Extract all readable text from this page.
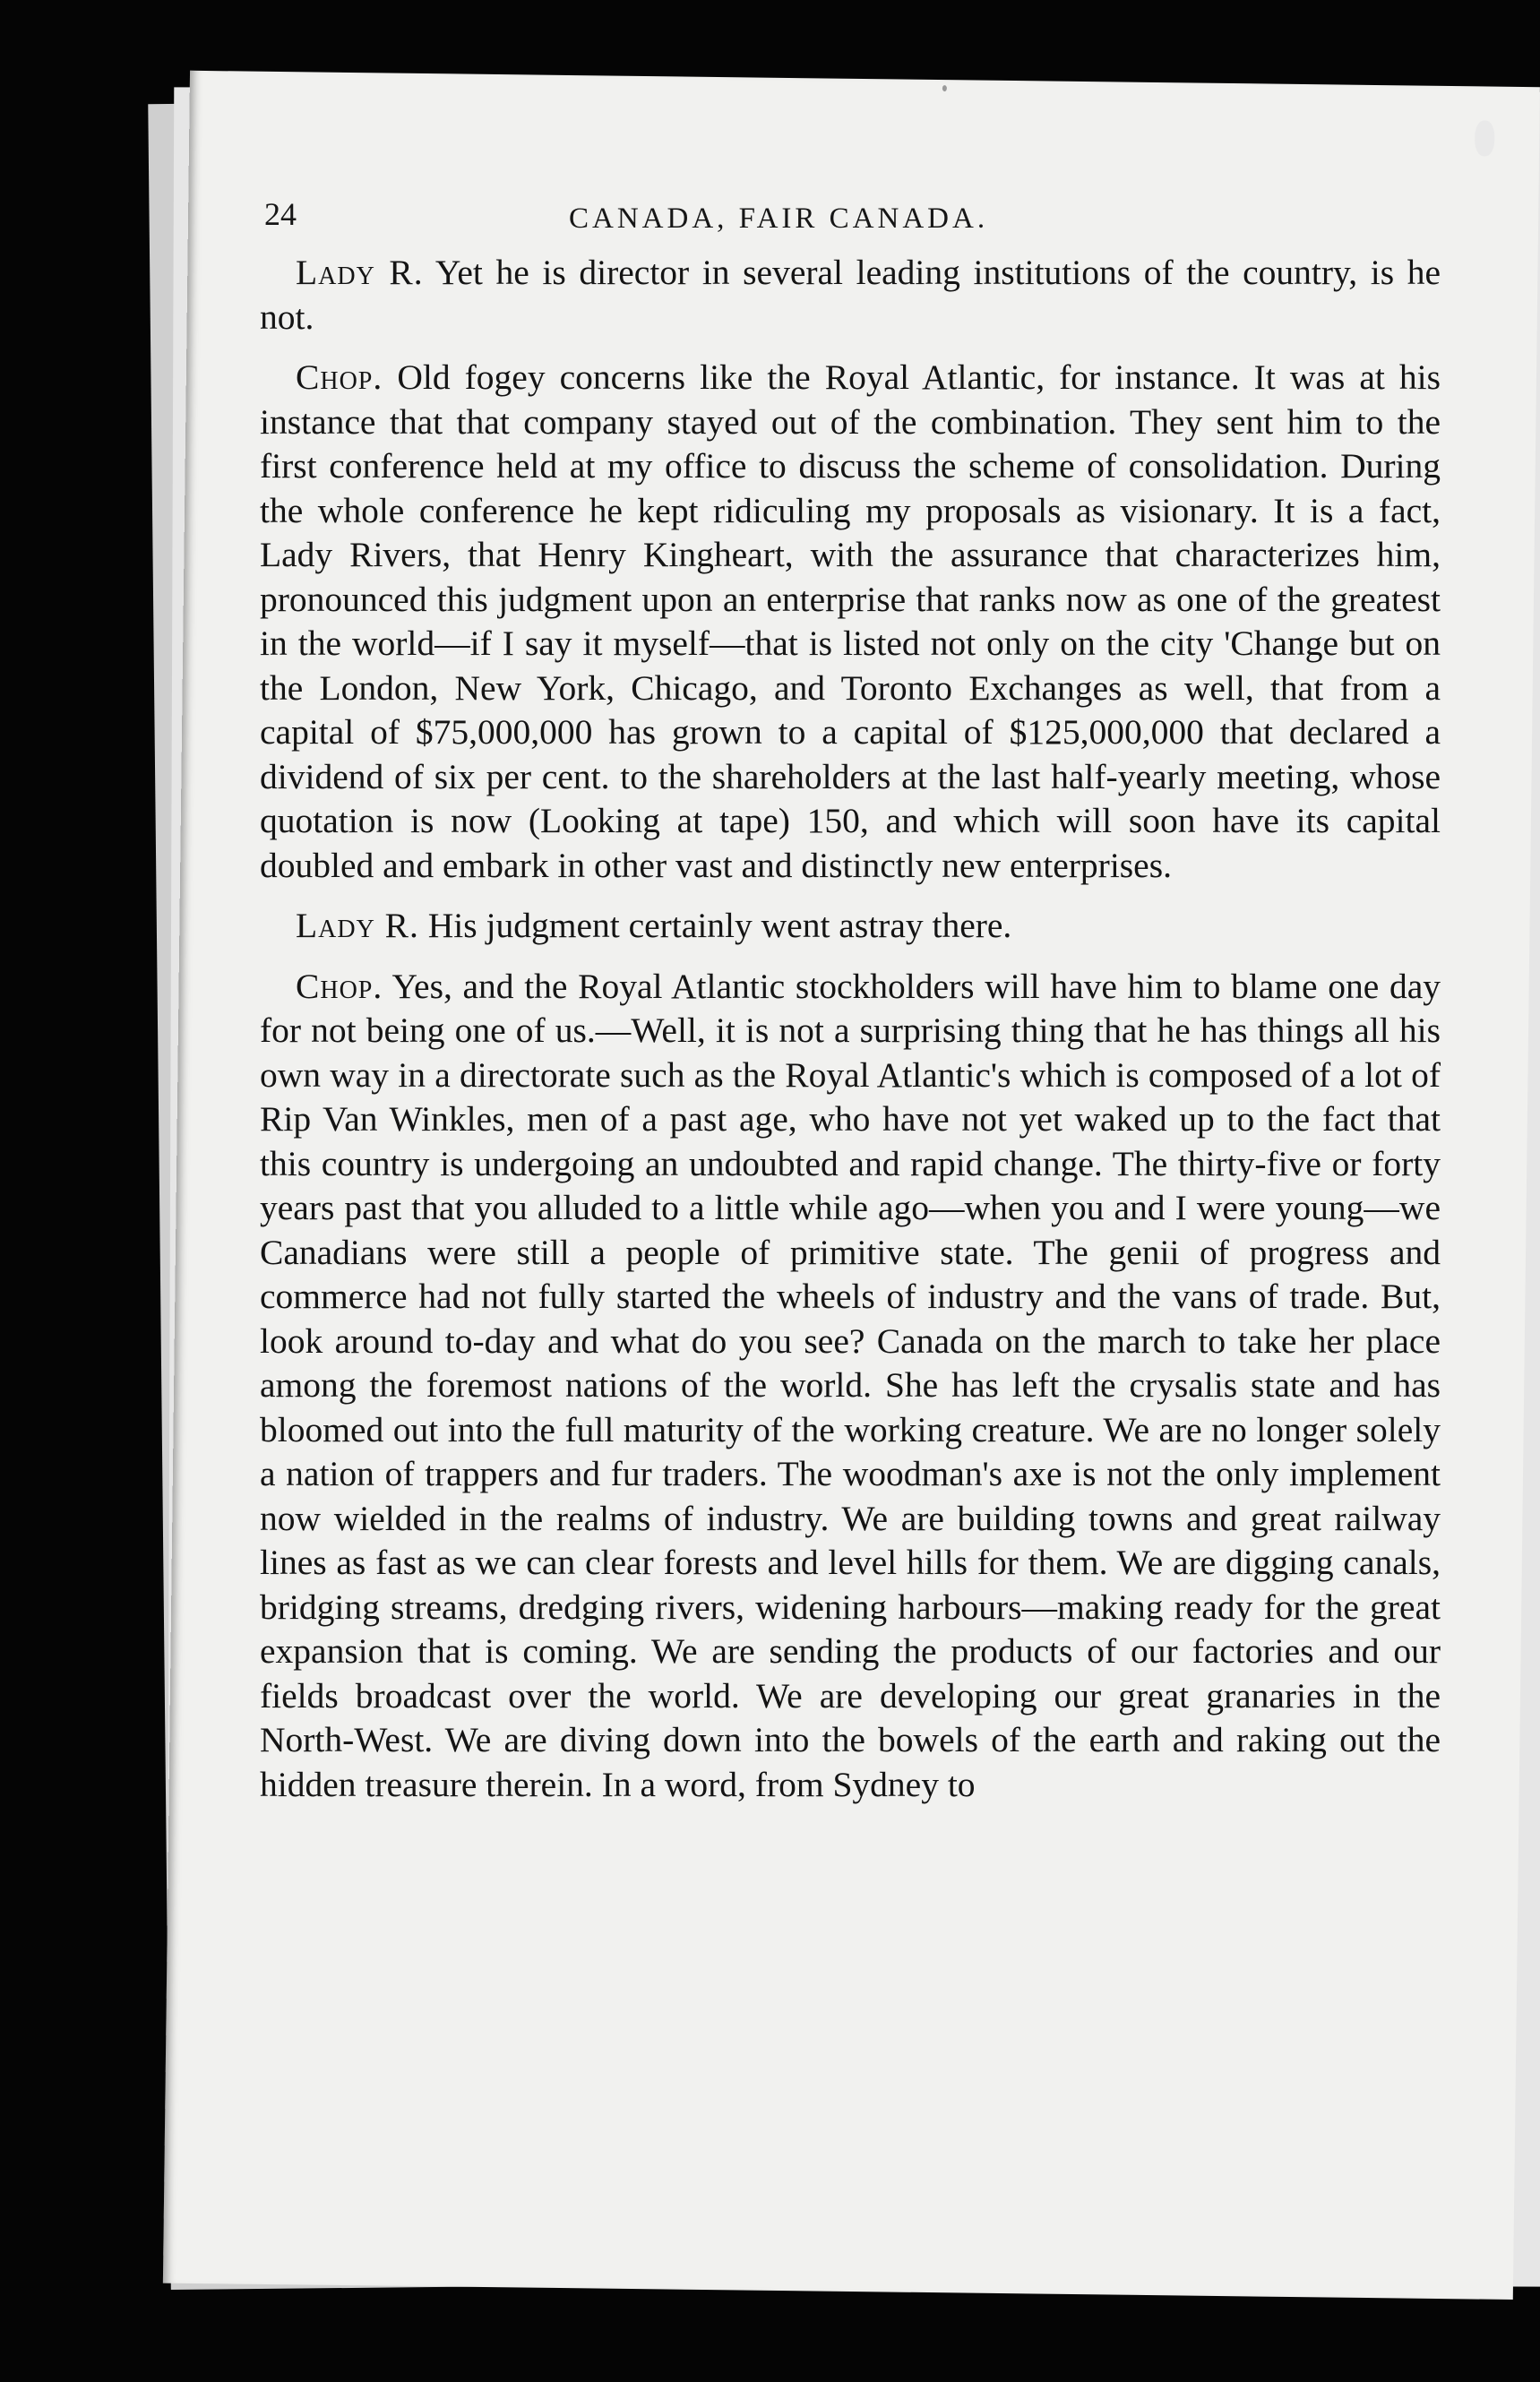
24	CANADA, FAIR CANADA.

Lady R. Yet he is director in several leading institutions of the country, is he not.

Chop. Old fogey concerns like the Royal Atlantic, for instance. It was at his instance that that company stayed out of the combination. They sent him to the first conference held at my office to discuss the scheme of consolidation. During the whole conference he kept ridiculing my proposals as visionary. It is a fact, Lady Rivers, that Henry Kingheart, with the assurance that characterizes him, pronounced this judgment upon an enterprise that ranks now as one of the greatest in the world—if I say it myself—that is listed not only on the city 'Change but on the London, New York, Chicago, and Toronto Exchanges as well, that from a capital of $75,000,000 has grown to a capital of $125,000,000 that declared a dividend of six per cent. to the shareholders at the last half-yearly meeting, whose quotation is now (Looking at tape) 150, and which will soon have its capital doubled and embark in other vast and distinctly new enterprises.

Lady R. His judgment certainly went astray there.

Chop. Yes, and the Royal Atlantic stockholders will have him to blame one day for not being one of us.—Well, it is not a surprising thing that he has things all his own way in a directorate such as the Royal Atlantic's which is composed of a lot of Rip Van Winkles, men of a past age, who have not yet waked up to the fact that this country is undergoing an undoubted and rapid change. The thirty-five or forty years past that you alluded to a little while ago—when you and I were young—we Canadians were still a people of primitive state. The genii of progress and commerce had not fully started the wheels of industry and the vans of trade. But, look around to-day and what do you see? Canada on the march to take her place among the foremost nations of the world. She has left the crysalis state and has bloomed out into the full maturity of the working creature. We are no longer solely a nation of trappers and fur traders. The woodman's axe is not the only implement now wielded in the realms of industry. We are building towns and great railway lines as fast as we can clear forests and level hills for them. We are digging canals, bridging streams, dredging rivers, widening harbours—making ready for the great expansion that is coming. We are sending the products of our factories and our fields broadcast over the world. We are developing our great granaries in the North-West. We are diving down into the bowels of the earth and raking out the hidden treasure therein. In a word, from Sydney to
